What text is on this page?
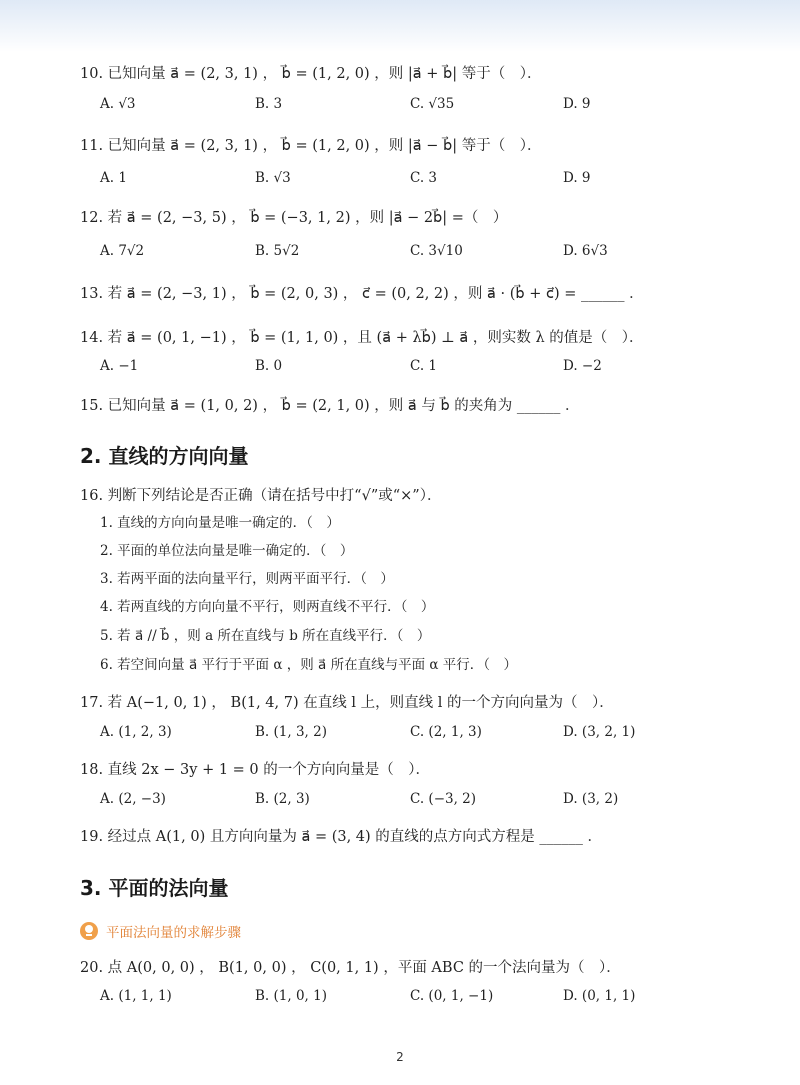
10. 已知向量 a⃗ = (2, 3, 1) ， b⃗ = (1, 2, 0) ，则 |a⃗ + b⃗| 等于（　）．
A. √3	B. 3	C. √35	D. 9
11. 已知向量 a⃗ = (2, 3, 1) ， b⃗ = (1, 2, 0) ，则 |a⃗ − b⃗| 等于（　）．
A. 1	B. √3	C. 3	D. 9
12. 若 a⃗ = (2, −3, 5) ， b⃗ = (−3, 1, 2) ，则 |a⃗ − 2b⃗| =（　）
A. 7√2	B. 5√2	C. 3√10	D. 6√3
13. 若 a⃗ = (2, −3, 1) ， b⃗ = (2, 0, 3) ， c⃗ = (0, 2, 2) ，则 a⃗ · (b⃗ + c⃗) = ______ ．
14. 若 a⃗ = (0, 1, −1) ， b⃗ = (1, 1, 0) ，且 (a⃗ + λb⃗) ⊥ a⃗ ，则实数 λ 的值是（　）．
A. −1	B. 0	C. 1	D. −2
15. 已知向量 a⃗ = (1, 0, 2) ， b⃗ = (2, 1, 0) ，则 a⃗ 与 b⃗ 的夹角为 ______ ．
2. 直线的方向向量
16. 判断下列结论是否正确（请在括号中打“√”或“×”）．
1. 直线的方向向量是唯一确定的．（　）
2. 平面的单位法向量是唯一确定的．（　）
3. 若两平面的法向量平行，则两平面平行．（　）
4. 若两直线的方向向量不平行，则两直线不平行．（　）
5. 若 a⃗ // b⃗ ，则 a 所在直线与 b 所在直线平行．（　）
6. 若空间向量 a⃗ 平行于平面 α ，则 a⃗ 所在直线与平面 α 平行．（　）
17. 若 A(−1, 0, 1) ， B(1, 4, 7) 在直线 l 上，则直线 l 的一个方向向量为（　）．
A. (1, 2, 3)	B. (1, 3, 2)	C. (2, 1, 3)	D. (3, 2, 1)
18. 直线 2x − 3y + 1 = 0 的一个方向向量是（　）．
A. (2, −3)	B. (2, 3)	C. (−3, 2)	D. (3, 2)
19. 经过点 A(1, 0) 且方向向量为 a⃗ = (3, 4) 的直线的点方向式方程是 ______ ．
3. 平面的法向量
平面法向量的求解步骤
20. 点 A(0, 0, 0) ， B(1, 0, 0) ， C(0, 1, 1) ，平面 ABC 的一个法向量为（　）．
A. (1, 1, 1)	B. (1, 0, 1)	C. (0, 1, −1)	D. (0, 1, 1)
2
